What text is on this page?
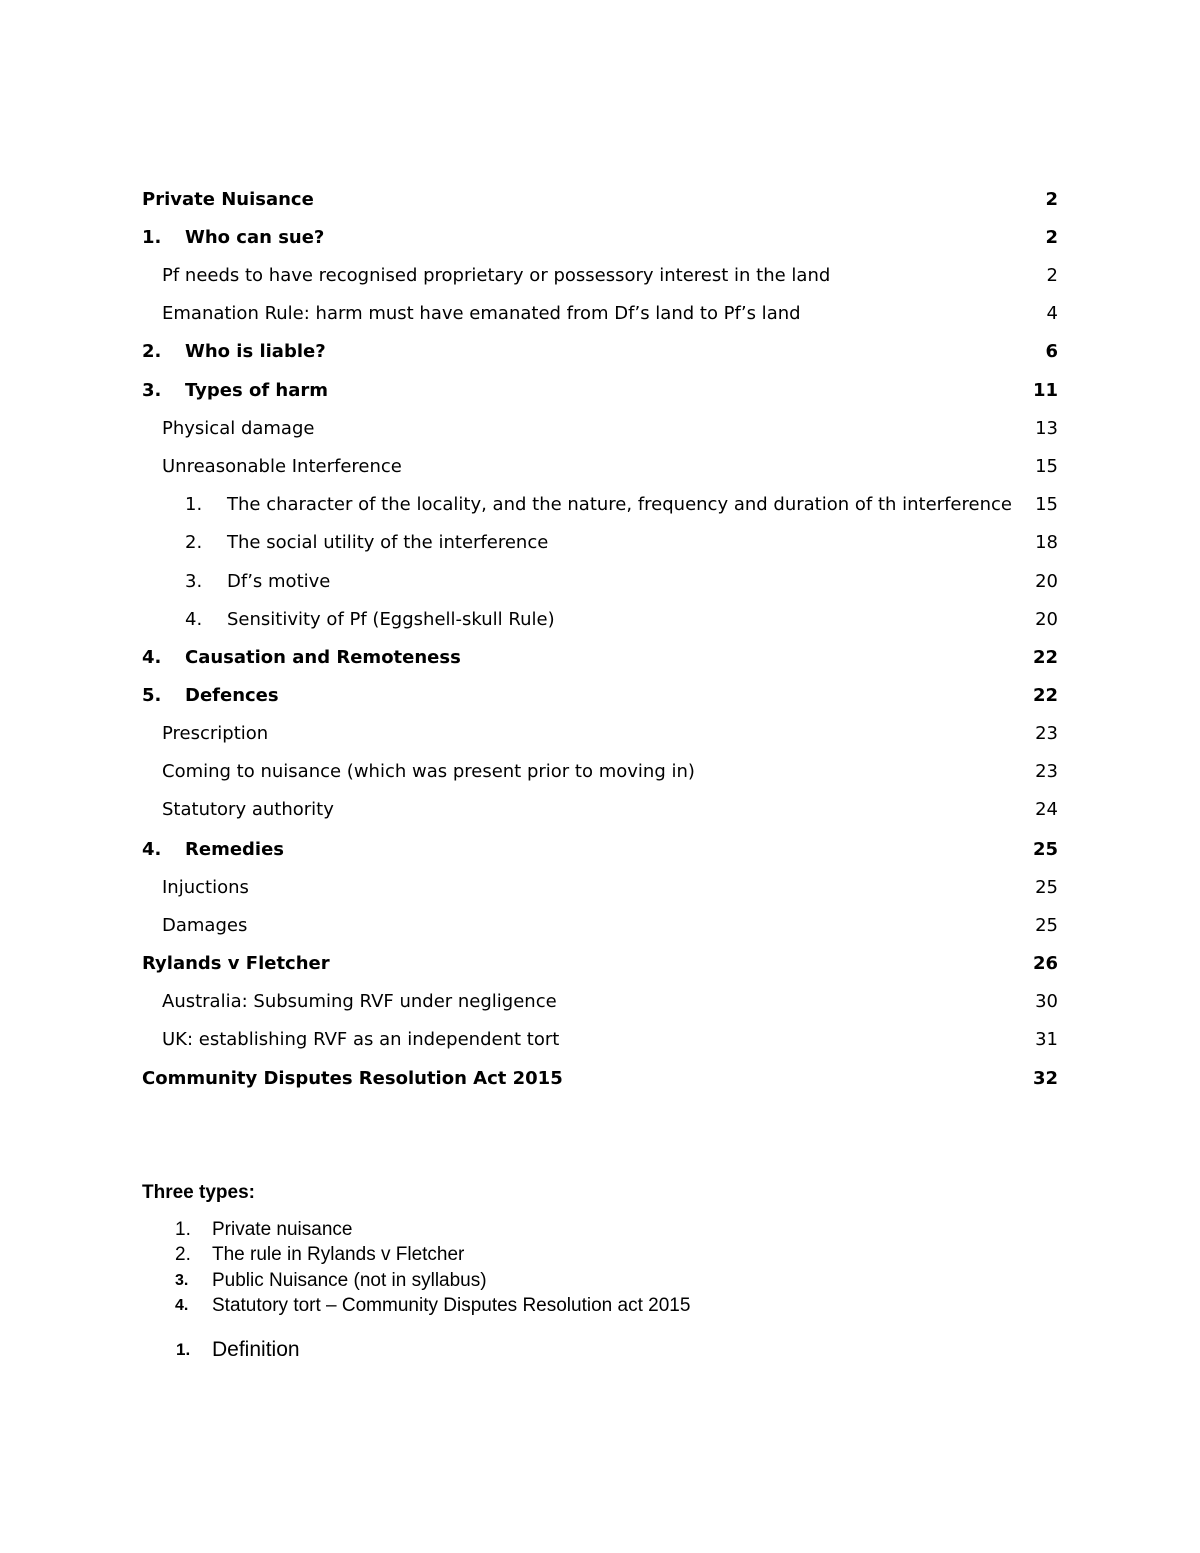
Private Nuisance	2
1. Who can sue?	2
Pf needs to have recognised proprietary or possessory interest in the land	2
Emanation Rule: harm must have emanated from Df’s land to Pf’s land	4
2. Who is liable?	6
3. Types of harm	11
Physical damage	13
Unreasonable Interference	15
1. The character of the locality, and the nature, frequency and duration of th interference 15
2. The social utility of the interference	18
3. Df’s motive	20
4. Sensitivity of Pf (Eggshell-skull Rule)	20
4. Causation and Remoteness	22
5. Defences	22
Prescription	23
Coming to nuisance (which was present prior to moving in)	23
Statutory authority	24
4. Remedies	25
Injuctions	25
Damages	25
Rylands v Fletcher	26
Australia: Subsuming RVF under negligence	30
UK: establishing RVF as an independent tort	31
Community Disputes Resolution Act 2015	32
Three types:
1. Private nuisance
2. The rule in Rylands v Fletcher
3. Public Nuisance (not in syllabus)
4. Statutory tort – Community Disputes Resolution act 2015
1. Definition
